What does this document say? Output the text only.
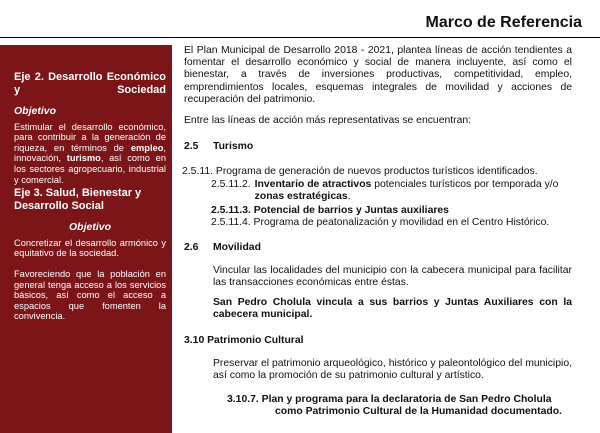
Marco de Referencia
Eje 2. Desarrollo Económico y Sociedad
Objetivo
Estimular el desarrollo económico, para contribuir a la generación de riqueza, en términos de empleo, innovación, turismo, así como en los sectores agropecuario, industrial y comercial.
Eje 3. Salud, Bienestar y Desarrollo Social
Objetivo
Concretizar el desarrollo armónico y equitativo de la sociedad.
Favoreciendo que la población en general tenga acceso a los servicios básicos, así como el acceso a espacios que fomenten la convivencia.
El Plan Municipal de Desarrollo 2018 - 2021, plantea líneas de acción tendientes a fomentar el desarrollo económico y social de manera incluyente, así como el bienestar, a través de inversiones productivas, competitividad, empleo, emprendimientos locales, esquemas integrales de movilidad y acciones de recuperación del patrimonio.
Entre las líneas de acción más representativas se encuentran:
2.5	Turismo
2.5.11. Programa de generación de nuevos productos turísticos identificados.
2.5.11.2. Inventario de atractivos potenciales turísticos por temporada y/o zonas estratégicas.
2.5.11.3. Potencial de barrios y Juntas auxiliares
2.5.11.4. Programa de peatonalización y movilidad en el Centro Histórico.
2.6	Movilidad
Vincular las localidades del municipio con la cabecera municipal para facilitar las transacciones económicas entre éstas.
San Pedro Cholula vincula a sus barrios y Juntas Auxiliares con la cabecera municipal.
3.10 Patrimonio Cultural
Preservar el patrimonio arqueológico, histórico y paleontológico del municipio, así como la promoción de su patrimonio cultural y artístico.
3.10.7. Plan y programa para la declaratoria de San Pedro Cholula
como Patrimonio Cultural de la Humanidad documentado.
